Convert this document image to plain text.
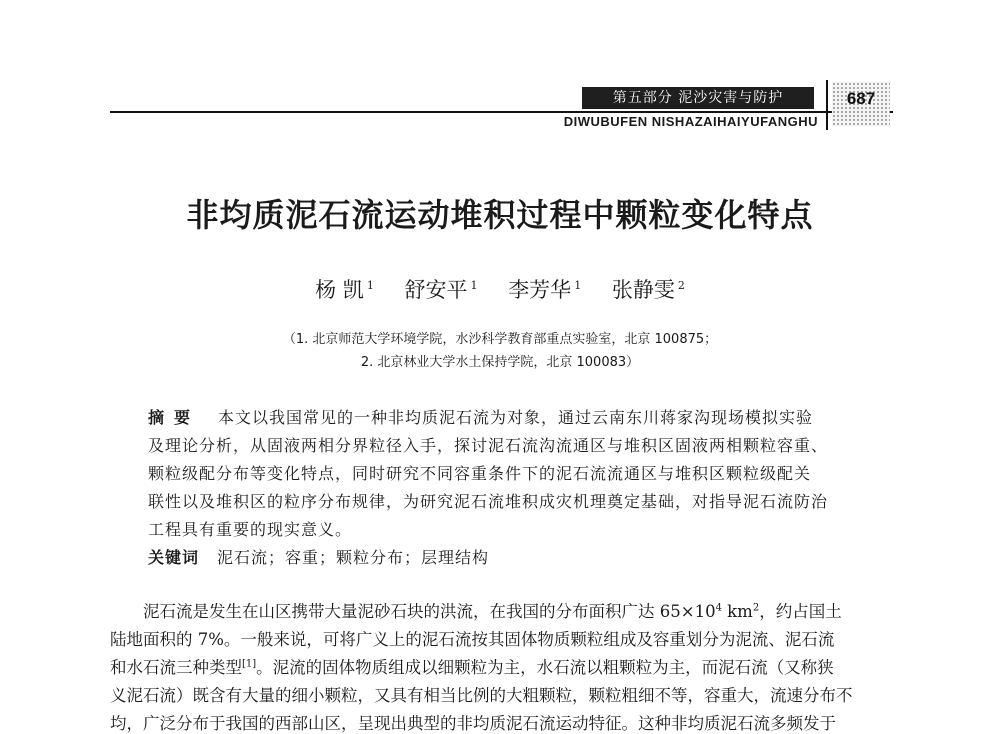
第五部分 泥沙灾害与防护
DIWUBUFEN NISHAZAIHAIYUFANGHU
687
非均质泥石流运动堆积过程中颗粒变化特点
杨 凯 $^1$ 舒安平 $^1$ 李芳华 $^1$ 张静雯 $^2$
（1. 北京师范大学环境学院，水沙科学教育部重点实验室，北京 100875；
2. 北京林业大学水土保持学院，北京 100083）
摘要 本文以我国常见的一种非均质泥石流为对象，通过云南东川蒋家沟现场模拟实验
及理论分析，从固液两相分界粒径入手，探讨泥石流沟流通区与堆积区固液两相颗粒容重、
颗粒级配分布等变化特点，同时研究不同容重条件下的泥石流流通区与堆积区颗粒级配关
联性以及堆积区的粒序分布规律，为研究泥石流堆积成灾机理奠定基础，对指导泥石流防治
工程具有重要的现实意义。
关键词 泥石流；容重；颗粒分布；层理结构
泥石流是发生在山区携带大量泥砂石块的洪流，在我国的分布面积广达 $65\times 10^4$ $km^2$，约占国土
陆地面积的 7%。一般来说，可将广义上的泥石流按其固体物质颗粒组成及容重划分为泥流、泥石流
和水石流三种类型[1]。泥流的固体物质组成以细颗粒为主，水石流以粗颗粒为主，而泥石流（又称狭
义泥石流）既含有大量的细小颗粒，又具有相当比例的大粗颗粒，颗粒粗细不等，容重大，流速分布不
均，广泛分布于我国的西部山区，呈现出典型的非均质泥石流运动特征。这种非均质泥石流多频发于
